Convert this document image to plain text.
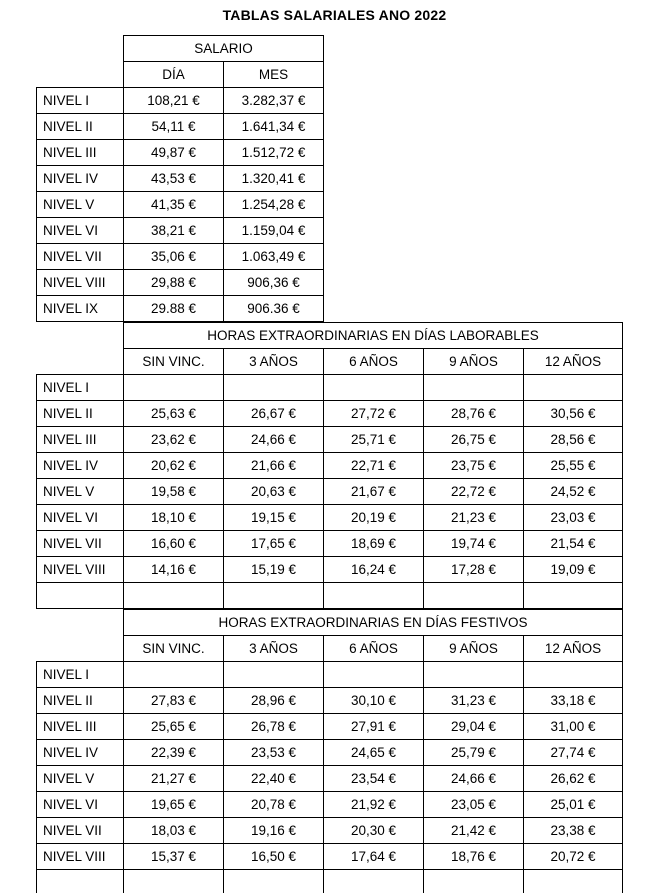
TABLAS SALARIALES ANO 2022
	SALARIO	
	DÍA	MES
NIVEL I	108,21 €	3.282,37 €
NIVEL II	54,11 €	1.641,34 €
NIVEL III	49,87 €	1.512,72 €
NIVEL IV	43,53 €	1.320,41 €
NIVEL V	41,35 €	1.254,28 €
NIVEL VI	38,21 €	1.159,04 €
NIVEL VII	35,06 €	1.063,49 €
NIVEL VIII	29,88 €	906,36 €
NIVEL IX	29.88 €	906.36 €
	HORAS EXTRAORDINARIAS EN DÍAS LABORABLES				
	SIN VINC.	3 AÑOS	6 AÑOS	9 AÑOS	12 AÑOS
NIVEL I					
NIVEL II	25,63 €	26,67 €	27,72 €	28,76 €	30,56 €
NIVEL III	23,62 €	24,66 €	25,71 €	26,75 €	28,56 €
NIVEL IV	20,62 €	21,66 €	22,71 €	23,75 €	25,55 €
NIVEL V	19,58 €	20,63 €	21,67 €	22,72 €	24,52 €
NIVEL VI	18,10 €	19,15 €	20,19 €	21,23 €	23,03 €
NIVEL VII	16,60 €	17,65 €	18,69 €	19,74 €	21,54 €
NIVEL VIII	14,16 €	15,19 €	16,24 €	17,28 €	19,09 €

	HORAS EXTRAORDINARIAS EN DÍAS FESTIVOS				
	SIN VINC.	3 AÑOS	6 AÑOS	9 AÑOS	12 AÑOS
NIVEL I					
NIVEL II	27,83 €	28,96 €	30,10 €	31,23 €	33,18 €
NIVEL III	25,65 €	26,78 €	27,91 €	29,04 €	31,00 €
NIVEL IV	22,39 €	23,53 €	24,65 €	25,79 €	27,74 €
NIVEL V	21,27 €	22,40 €	23,54 €	24,66 €	26,62 €
NIVEL VI	19,65 €	20,78 €	21,92 €	23,05 €	25,01 €
NIVEL VII	18,03 €	19,16 €	20,30 €	21,42 €	23,38 €
NIVEL VIII	15,37 €	16,50 €	17,64 €	18,76 €	20,72 €
